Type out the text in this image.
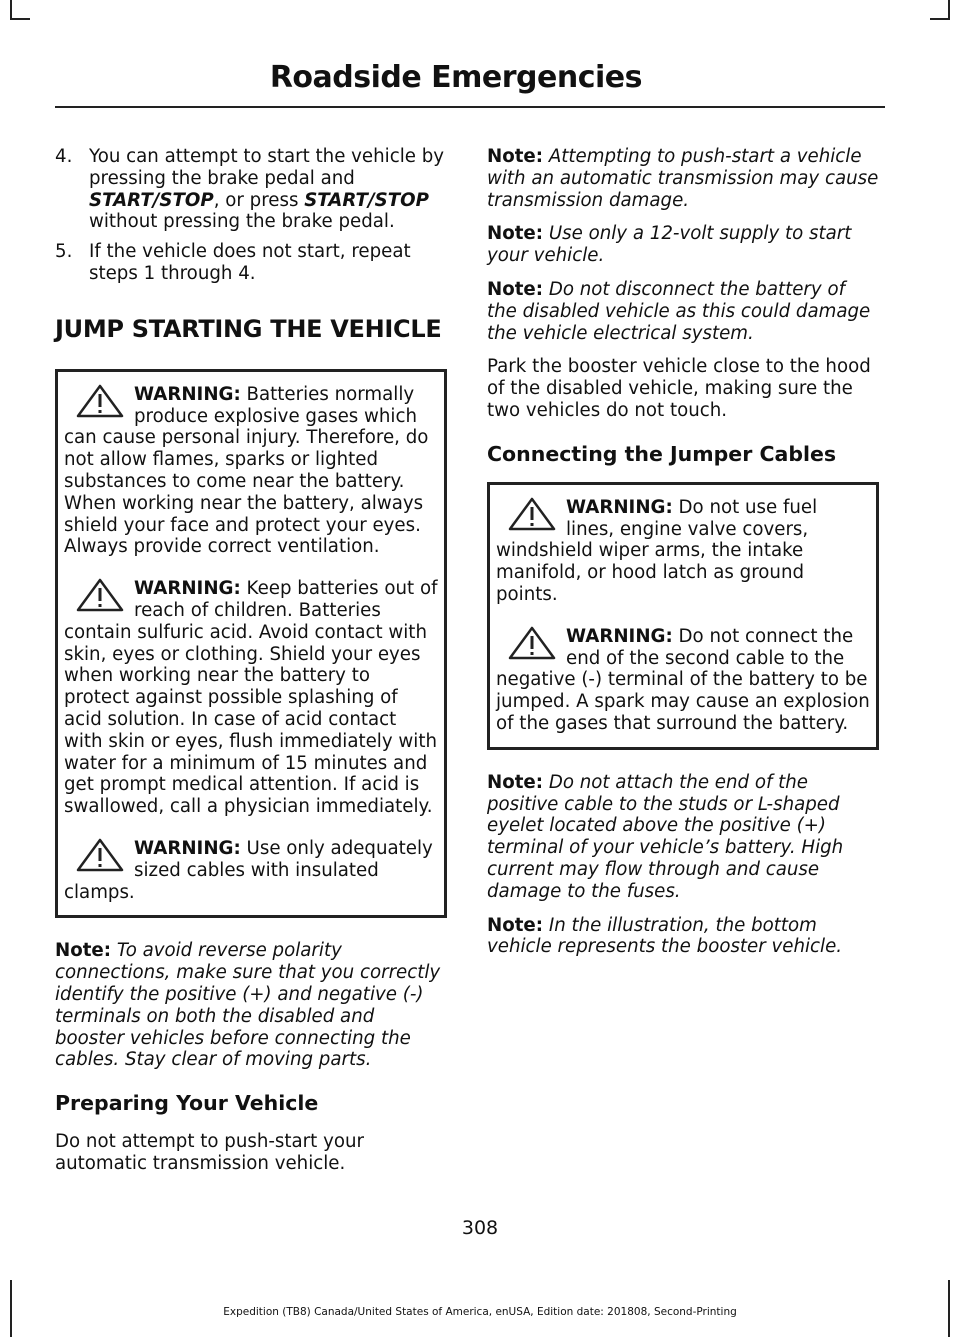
Roadside Emergencies
4. You can attempt to start the vehicle by pressing the brake pedal and START/STOP, or press START/STOP without pressing the brake pedal.
5. If the vehicle does not start, repeat steps 1 through 4.
JUMP STARTING THE VEHICLE

WARNING: Batteries normally produce explosive gases which can cause personal injury. Therefore, do not allow flames, sparks or lighted substances to come near the battery. When working near the battery, always shield your face and protect your eyes. Always provide correct ventilation.

WARNING: Keep batteries out of reach of children. Batteries contain sulfuric acid. Avoid contact with skin, eyes or clothing. Shield your eyes when working near the battery to protect against possible splashing of acid solution. In case of acid contact with skin or eyes, flush immediately with water for a minimum of 15 minutes and get prompt medical attention. If acid is swallowed, call a physician immediately.

WARNING: Use only adequately sized cables with insulated clamps.

Note: To avoid reverse polarity connections, make sure that you correctly identify the positive (+) and negative (-) terminals on both the disabled and booster vehicles before connecting the cables. Stay clear of moving parts.

Preparing Your Vehicle

Do not attempt to push-start your automatic transmission vehicle.

Note: Attempting to push-start a vehicle with an automatic transmission may cause transmission damage.

Note: Use only a 12-volt supply to start your vehicle.

Note: Do not disconnect the battery of the disabled vehicle as this could damage the vehicle electrical system.

Park the booster vehicle close to the hood of the disabled vehicle, making sure the two vehicles do not touch.

Connecting the Jumper Cables

WARNING: Do not use fuel lines, engine valve covers, windshield wiper arms, the intake manifold, or hood latch as ground points.

WARNING: Do not connect the end of the second cable to the negative (-) terminal of the battery to be jumped. A spark may cause an explosion of the gases that surround the battery.

Note: Do not attach the end of the positive cable to the studs or L-shaped eyelet located above the positive (+) terminal of your vehicle’s battery. High current may flow through and cause damage to the fuses.

Note: In the illustration, the bottom vehicle represents the booster vehicle.

308

Expedition (TB8) Canada/United States of America, enUSA, Edition date: 201808, Second-Printing
